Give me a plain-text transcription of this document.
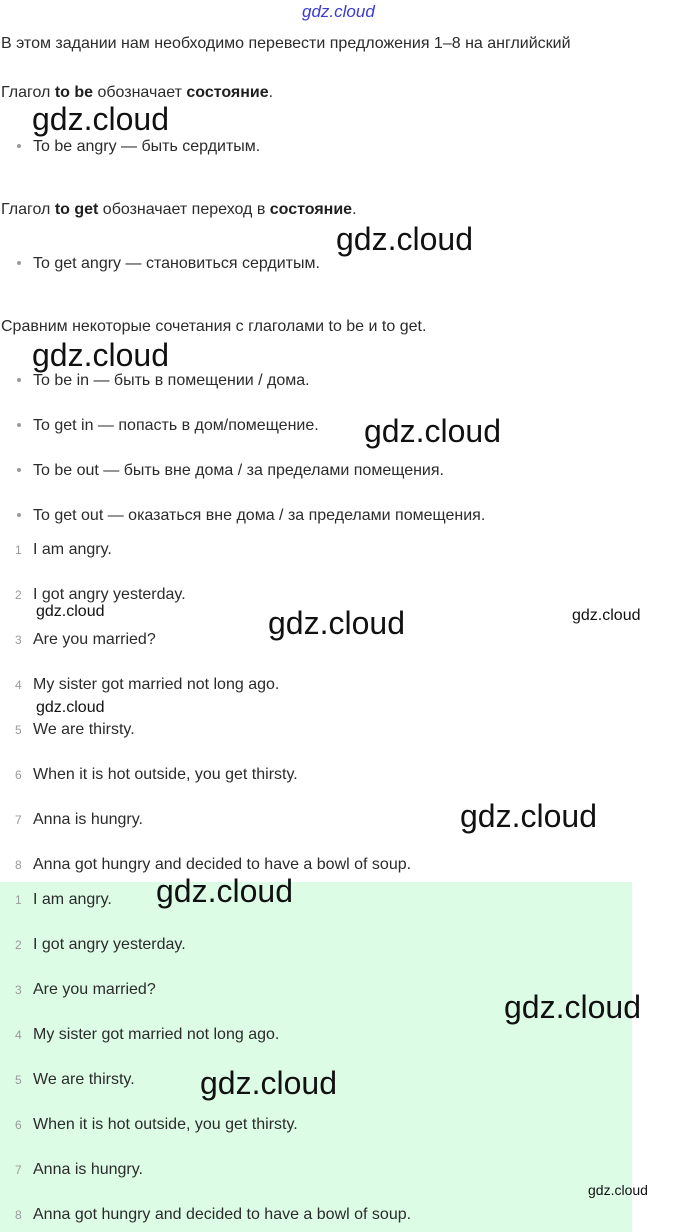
gdz.cloud
В этом задании нам необходимо перевести предложения 1–8 на английский
Глагол to be обозначает состояние.
To be angry — быть сердитым.
Глагол to get обозначает переход в состояние.
To get angry — становиться сердитым.
Сравним некоторые сочетания с глаголами to be и to get.
To be in — быть в помещении / дома.
To get in — попасть в дом/помещение.
To be out — быть вне дома / за пределами помещения.
To get out — оказаться вне дома / за пределами помещения.
1 I am angry.
2 I got angry yesterday.
3 Are you married?
4 My sister got married not long ago.
5 We are thirsty.
6 When it is hot outside, you get thirsty.
7 Anna is hungry.
8 Anna got hungry and decided to have a bowl of soup.
1 I am angry.
2 I got angry yesterday.
3 Are you married?
4 My sister got married not long ago.
5 We are thirsty.
6 When it is hot outside, you get thirsty.
7 Anna is hungry.
8 Anna got hungry and decided to have a bowl of soup.
gdz.cloud
gdz.cloud
gdz.cloud
gdz.cloud
gdz.cloud	gdz.cloud	gdz.cloud
gdz.cloud
gdz.cloud
gdz.cloud
gdz.cloud
gdz.cloud
gdz.cloud
